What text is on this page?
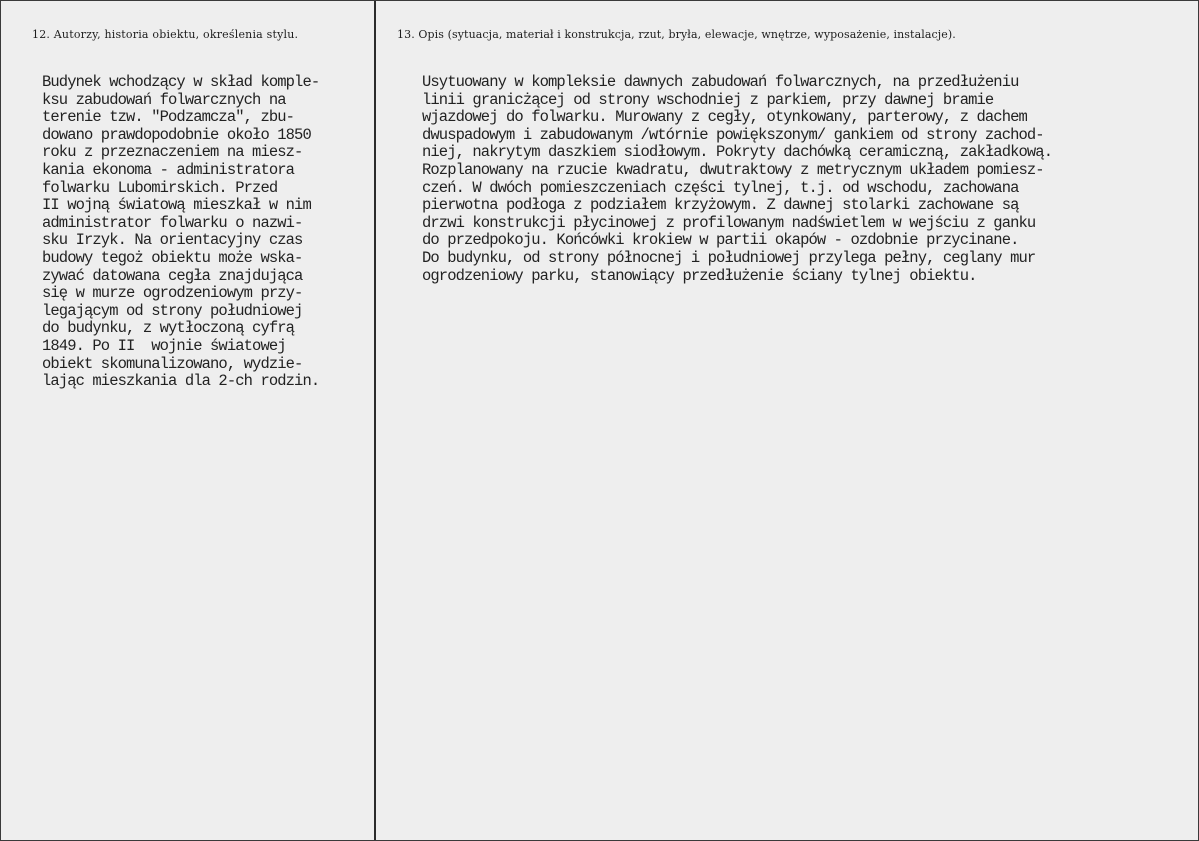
12. Autorzy, historia obiektu, określenia stylu.	13. Opis (sytuacja, materiał i konstrukcja, rzut, bryła, elewacje, wnętrze, wyposażenie, instalacje).
Budynek wchodzący w skład komple-
ksu zabudowań folwarcznych na
terenie tzw. "Podzamcza", zbu-
dowano prawdopodobnie około 1850
roku z przeznaczeniem na miesz-
kania ekonoma - administratora
folwarku Lubomirskich. Przed
II wojną światową mieszkał w nim
administrator folwarku o nazwi-
sku Irzyk. Na orientacyjny czas
budowy tegoż obiektu może wska-
zywać datowana cegła znajdująca
się w murze ogrodzeniowym przy-
legającym od strony południowej
do budynku, z wytłoczoną cyfrą
1849. Po II  wojnie światowej
obiekt skomunalizowano, wydzie-
lając mieszkania dla 2-ch rodzin.
Usytuowany w kompleksie dawnych zabudowań folwarcznych, na przedłużeniu
linii granicżącej od strony wschodniej z parkiem, przy dawnej bramie
wjazdowej do folwarku. Murowany z cegły, otynkowany, parterowy, z dachem
dwuspadowym i zabudowanym /wtórnie powiększonym/ gankiem od strony zachod-
niej, nakrytym daszkiem siodłowym. Pokryty dachówką ceramiczną, zakładkową.
Rozplanowany na rzucie kwadratu, dwutraktowy z metrycznym układem pomiesz-
czeń. W dwóch pomieszczeniach części tylnej, t.j. od wschodu, zachowana
pierwotna podłoga z podziałem krzyżowym. Z dawnej stolarki zachowane są
drzwi konstrukcji płycinowej z profilowanym nadświetlem w wejściu z ganku
do przedpokoju. Końcówki krokiew w partii okapów - ozdobnie przycinane.
Do budynku, od strony północnej i południowej przylega pełny, ceglany mur
ogrodzeniowy parku, stanowiący przedłużenie ściany tylnej obiektu.
